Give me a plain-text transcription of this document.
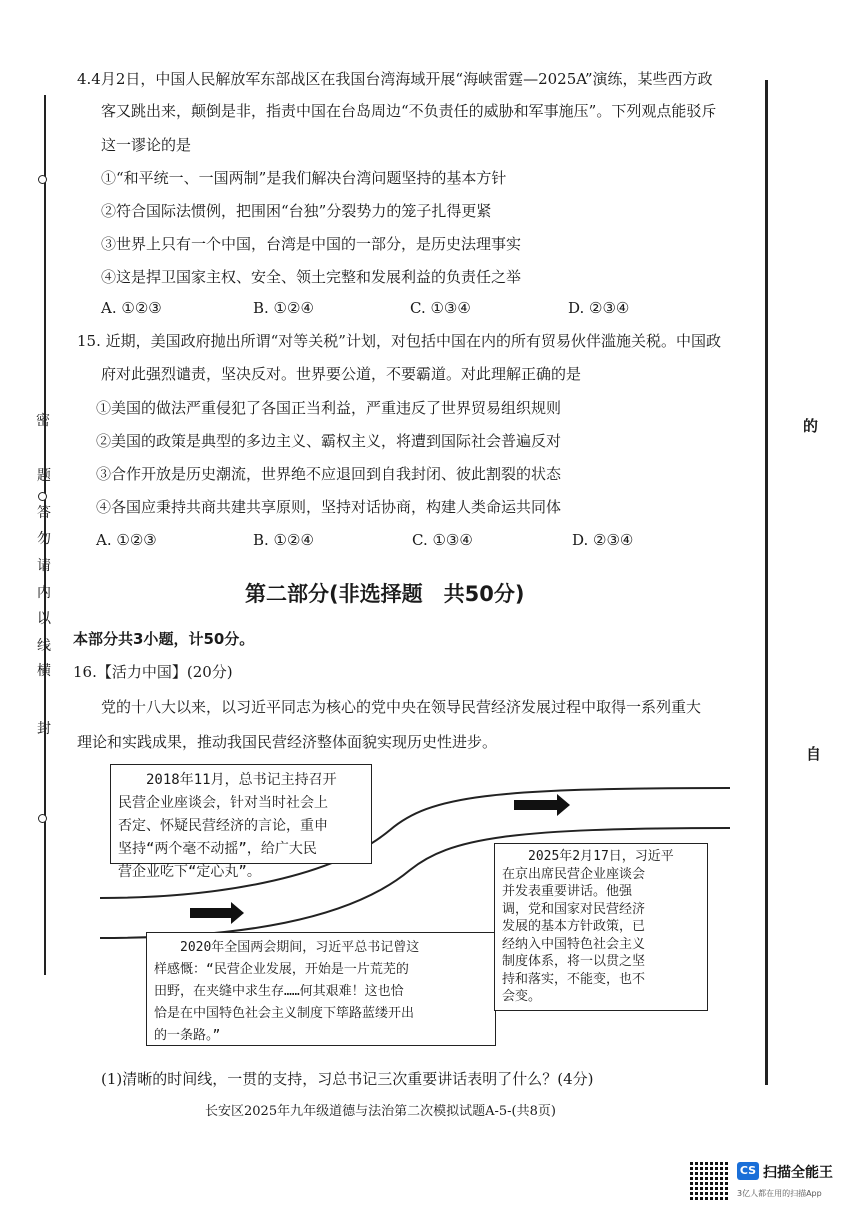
密
横
线
以
内
请
勿
答
题
封
的
自
4.4月2日，中国人民解放军东部战区在我国台湾海域开展“海峡雷霆—2025A”演练，某些西方政
客又跳出来，颠倒是非，指责中国在台岛周边“不负责任的威胁和军事施压”。下列观点能驳斥
这一谬论的是
①“和平统一、一国两制”是我们解决台湾问题坚持的基本方针
②符合国际法惯例，把围困“台独”分裂势力的笼子扎得更紧
③世界上只有一个中国，台湾是中国的一部分，是历史法理事实
④这是捍卫国家主权、安全、领土完整和发展利益的负责任之举
A. ①②③	B. ①②④	C. ①③④	D. ②③④
15. 近期，美国政府抛出所谓“对等关税”计划，对包括中国在内的所有贸易伙伴滥施关税。中国政
府对此强烈谴责，坚决反对。世界要公道，不要霸道。对此理解正确的是
①美国的做法严重侵犯了各国正当利益，严重违反了世界贸易组织规则
②美国的政策是典型的多边主义、霸权主义，将遭到国际社会普遍反对
③合作开放是历史潮流，世界绝不应退回到自我封闭、彼此割裂的状态
④各国应秉持共商共建共享原则，坚持对话协商，构建人类命运共同体
A. ①②③	B. ①②④	C. ①③④	D. ②③④
第二部分(非选择题　共50分)
本部分共3小题，计50分。
16.【活力中国】(20分)
党的十八大以来，以习近平同志为核心的党中央在领导民营经济发展过程中取得一系列重大
理论和实践成果，推动我国民营经济整体面貌实现历史性进步。
2018年11月，总书记主持召开
民营企业座谈会，针对当时社会上
否定、怀疑民营经济的言论，重申
坚持“两个毫不动摇”，给广大民
营企业吃下“定心丸”。
2020年全国两会期间，习近平总书记曾这
样感慨：“民营企业发展，开始是一片荒芜的
田野，在夹缝中求生存……何其艰难！这也恰
恰是在中国特色社会主义制度下筚路蓝缕开出
的一条路。”
2025年2月17日，习近平
在京出席民营企业座谈会
并发表重要讲话。他强
调，党和国家对民营经济
发展的基本方针政策，已
经纳入中国特色社会主义
制度体系，将一以贯之坚
持和落实，不能变，也不
会变。
(1)清晰的时间线，一贯的支持，习总书记三次重要讲话表明了什么？(4分)
长安区2025年九年级道德与法治第二次模拟试题A-5-(共8页)
CS 扫描全能王
3亿人都在用的扫描App
